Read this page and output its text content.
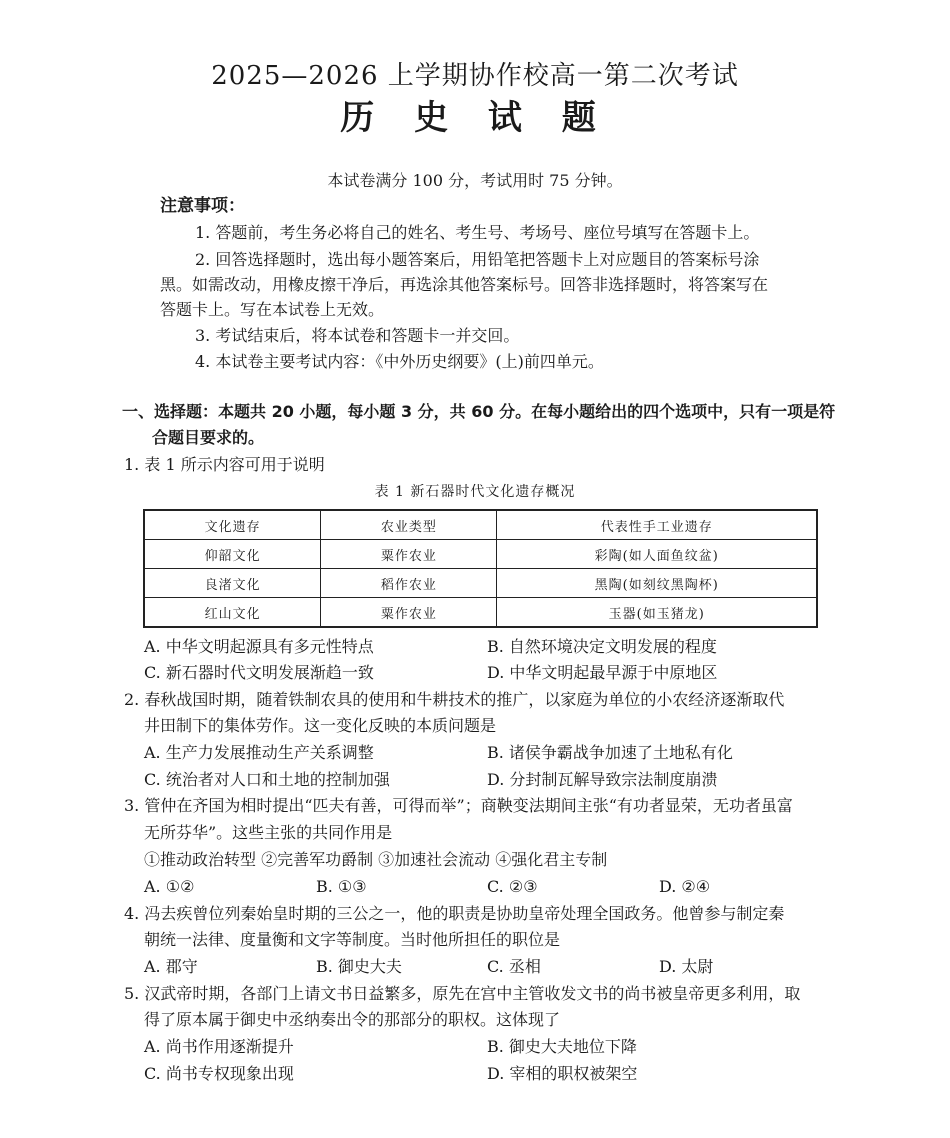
2025—2026 上学期协作校高一第二次考试
历 史 试 题
本试卷满分 100 分，考试用时 75 分钟。
注意事项：
1. 答题前，考生务必将自己的姓名、考生号、考场号、座位号填写在答题卡上。
2. 回答选择题时，选出每小题答案后，用铅笔把答题卡上对应题目的答案标号涂
黑。如需改动，用橡皮擦干净后，再选涂其他答案标号。回答非选择题时，将答案写在
答题卡上。写在本试卷上无效。
3. 考试结束后，将本试卷和答题卡一并交回。
4. 本试卷主要考试内容：《中外历史纲要》(上)前四单元。
一、选择题：本题共 20 小题，每小题 3 分，共 60 分。在每小题给出的四个选项中，只有一项是符
合题目要求的。
1. 表 1 所示内容可用于说明
表 1 新石器时代文化遗存概况
文化遗存	农业类型	代表性手工业遗存
仰韶文化	粟作农业	彩陶(如人面鱼纹盆)
良渚文化	稻作农业	黑陶(如刻纹黑陶杯)
红山文化	粟作农业	玉器(如玉猪龙)
A. 中华文明起源具有多元性特点	B. 自然环境决定文明发展的程度
C. 新石器时代文明发展渐趋一致	D. 中华文明起最早源于中原地区
2. 春秋战国时期，随着铁制农具的使用和牛耕技术的推广，以家庭为单位的小农经济逐渐取代
井田制下的集体劳作。这一变化反映的本质问题是
A. 生产力发展推动生产关系调整	B. 诸侯争霸战争加速了土地私有化
C. 统治者对人口和土地的控制加强	D. 分封制瓦解导致宗法制度崩溃
3. 管仲在齐国为相时提出“匹夫有善，可得而举”；商鞅变法期间主张“有功者显荣，无功者虽富
无所芬华”。这些主张的共同作用是
①推动政治转型 ②完善军功爵制 ③加速社会流动 ④强化君主专制
A. ①②	B. ①③	C. ②③	D. ②④
4. 冯去疾曾位列秦始皇时期的三公之一，他的职责是协助皇帝处理全国政务。他曾参与制定秦
朝统一法律、度量衡和文字等制度。当时他所担任的职位是
A. 郡守	B. 御史大夫	C. 丞相	D. 太尉
5. 汉武帝时期，各部门上请文书日益繁多，原先在宫中主管收发文书的尚书被皇帝更多利用，取
得了原本属于御史中丞纳奏出令的那部分的职权。这体现了
A. 尚书作用逐渐提升	B. 御史大夫地位下降
C. 尚书专权现象出现	D. 宰相的职权被架空
